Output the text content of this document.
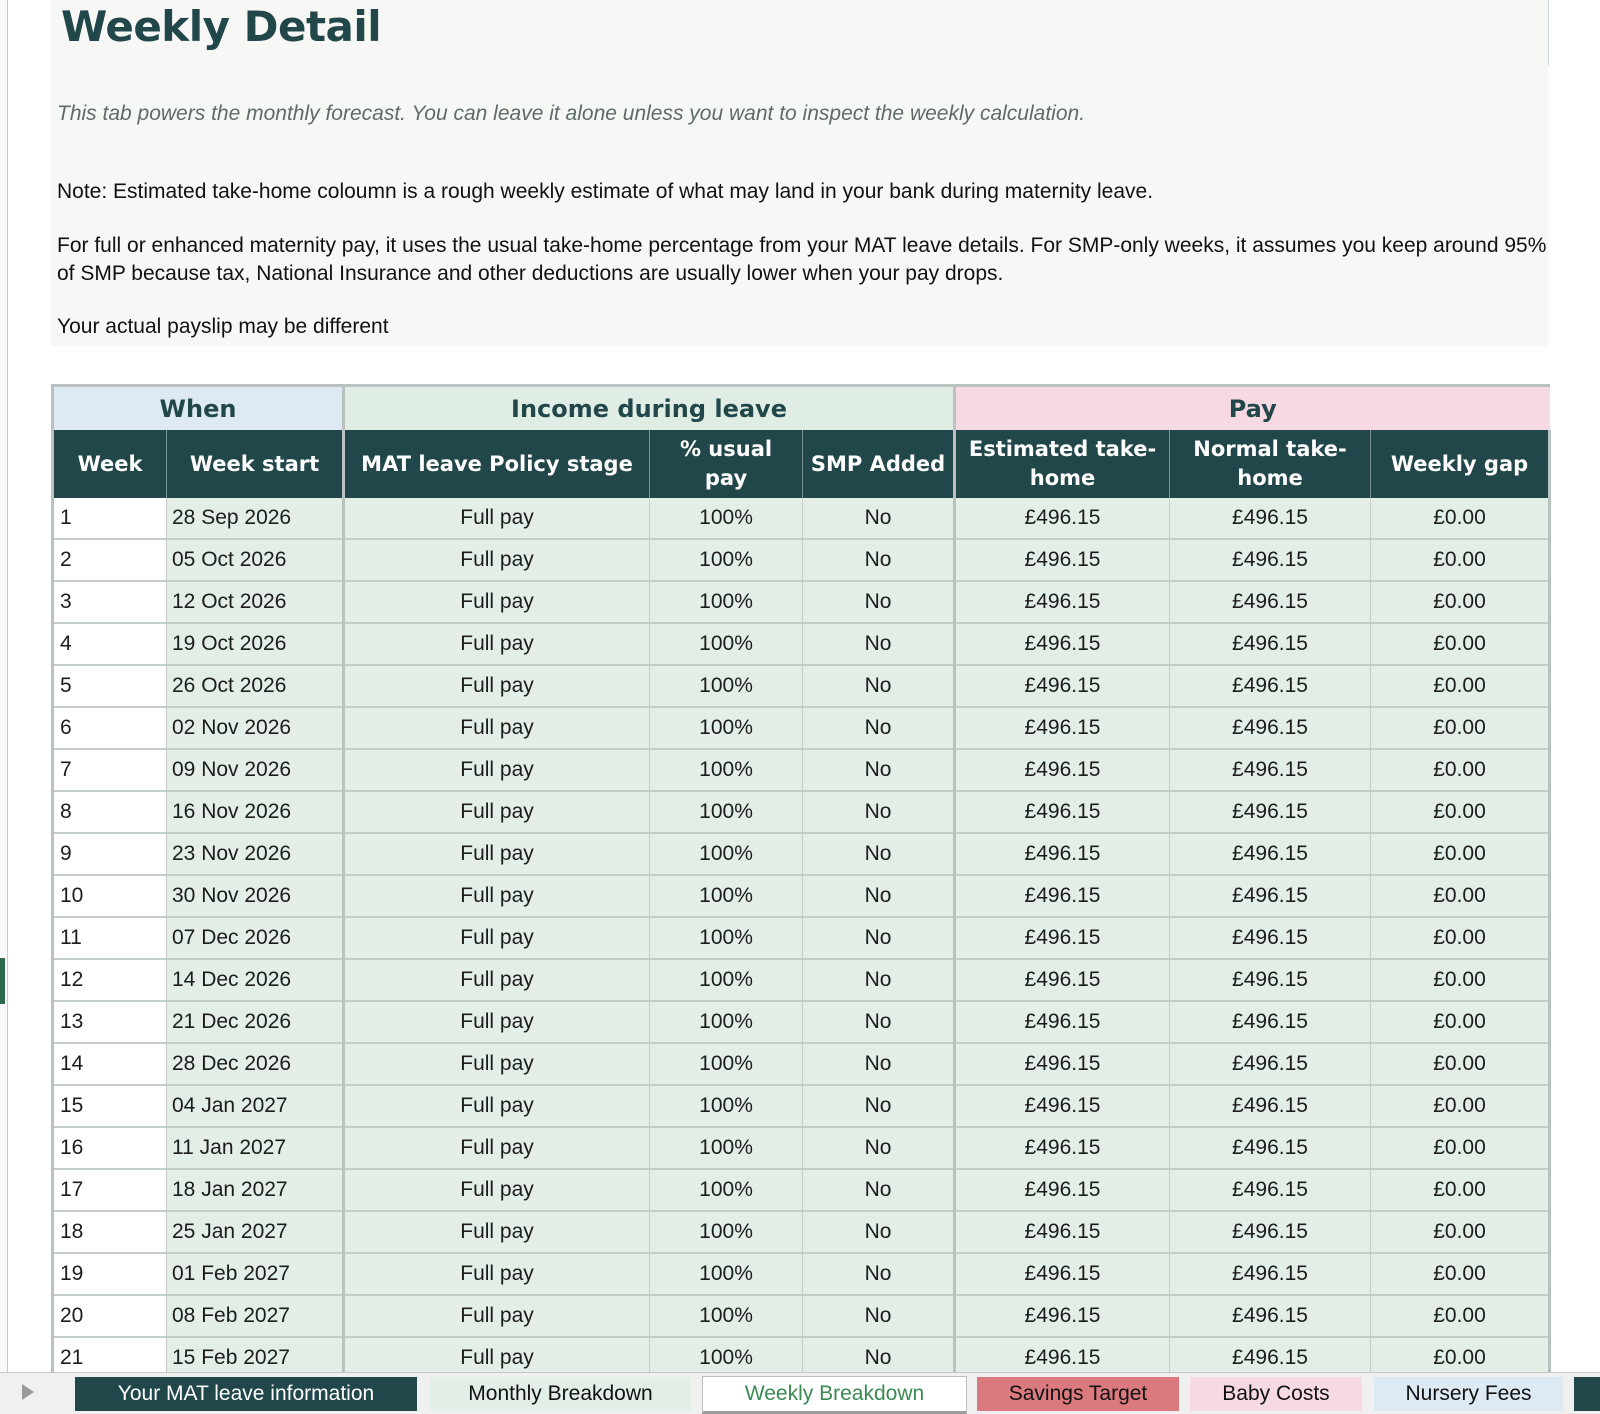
Weekly Detail

This tab powers the monthly forecast. You can leave it alone unless you want to inspect the weekly calculation.

Note: Estimated take-home coloumn is a rough weekly estimate of what may land in your bank during maternity leave.

For full or enhanced maternity pay, it uses the usual take-home percentage from your MAT leave details. For SMP-only weeks, it assumes you keep around 95% of SMP because tax, National Insurance and other deductions are usually lower when your pay drops.

Your actual payslip may be different

When		Income during leave			Pay		
Week	Week start	MAT leave Policy stage	% usual pay	SMP Added	Estimated take-home	Normal take-home	Weekly gap
1	28 Sep 2026	Full pay	100%	No	£496.15	£496.15	£0.00
2	05 Oct 2026	Full pay	100%	No	£496.15	£496.15	£0.00
3	12 Oct 2026	Full pay	100%	No	£496.15	£496.15	£0.00
4	19 Oct 2026	Full pay	100%	No	£496.15	£496.15	£0.00
5	26 Oct 2026	Full pay	100%	No	£496.15	£496.15	£0.00
6	02 Nov 2026	Full pay	100%	No	£496.15	£496.15	£0.00
7	09 Nov 2026	Full pay	100%	No	£496.15	£496.15	£0.00
8	16 Nov 2026	Full pay	100%	No	£496.15	£496.15	£0.00
9	23 Nov 2026	Full pay	100%	No	£496.15	£496.15	£0.00
10	30 Nov 2026	Full pay	100%	No	£496.15	£496.15	£0.00
11	07 Dec 2026	Full pay	100%	No	£496.15	£496.15	£0.00
12	14 Dec 2026	Full pay	100%	No	£496.15	£496.15	£0.00
13	21 Dec 2026	Full pay	100%	No	£496.15	£496.15	£0.00
14	28 Dec 2026	Full pay	100%	No	£496.15	£496.15	£0.00
15	04 Jan 2027	Full pay	100%	No	£496.15	£496.15	£0.00
16	11 Jan 2027	Full pay	100%	No	£496.15	£496.15	£0.00
17	18 Jan 2027	Full pay	100%	No	£496.15	£496.15	£0.00
18	25 Jan 2027	Full pay	100%	No	£496.15	£496.15	£0.00
19	01 Feb 2027	Full pay	100%	No	£496.15	£496.15	£0.00
20	08 Feb 2027	Full pay	100%	No	£496.15	£496.15	£0.00
21	15 Feb 2027	Full pay	100%	No	£496.15	£496.15	£0.00
Your MAT leave information	Monthly Breakdown	Weekly Breakdown	Savings Target	Baby Costs	Nursery Fees
